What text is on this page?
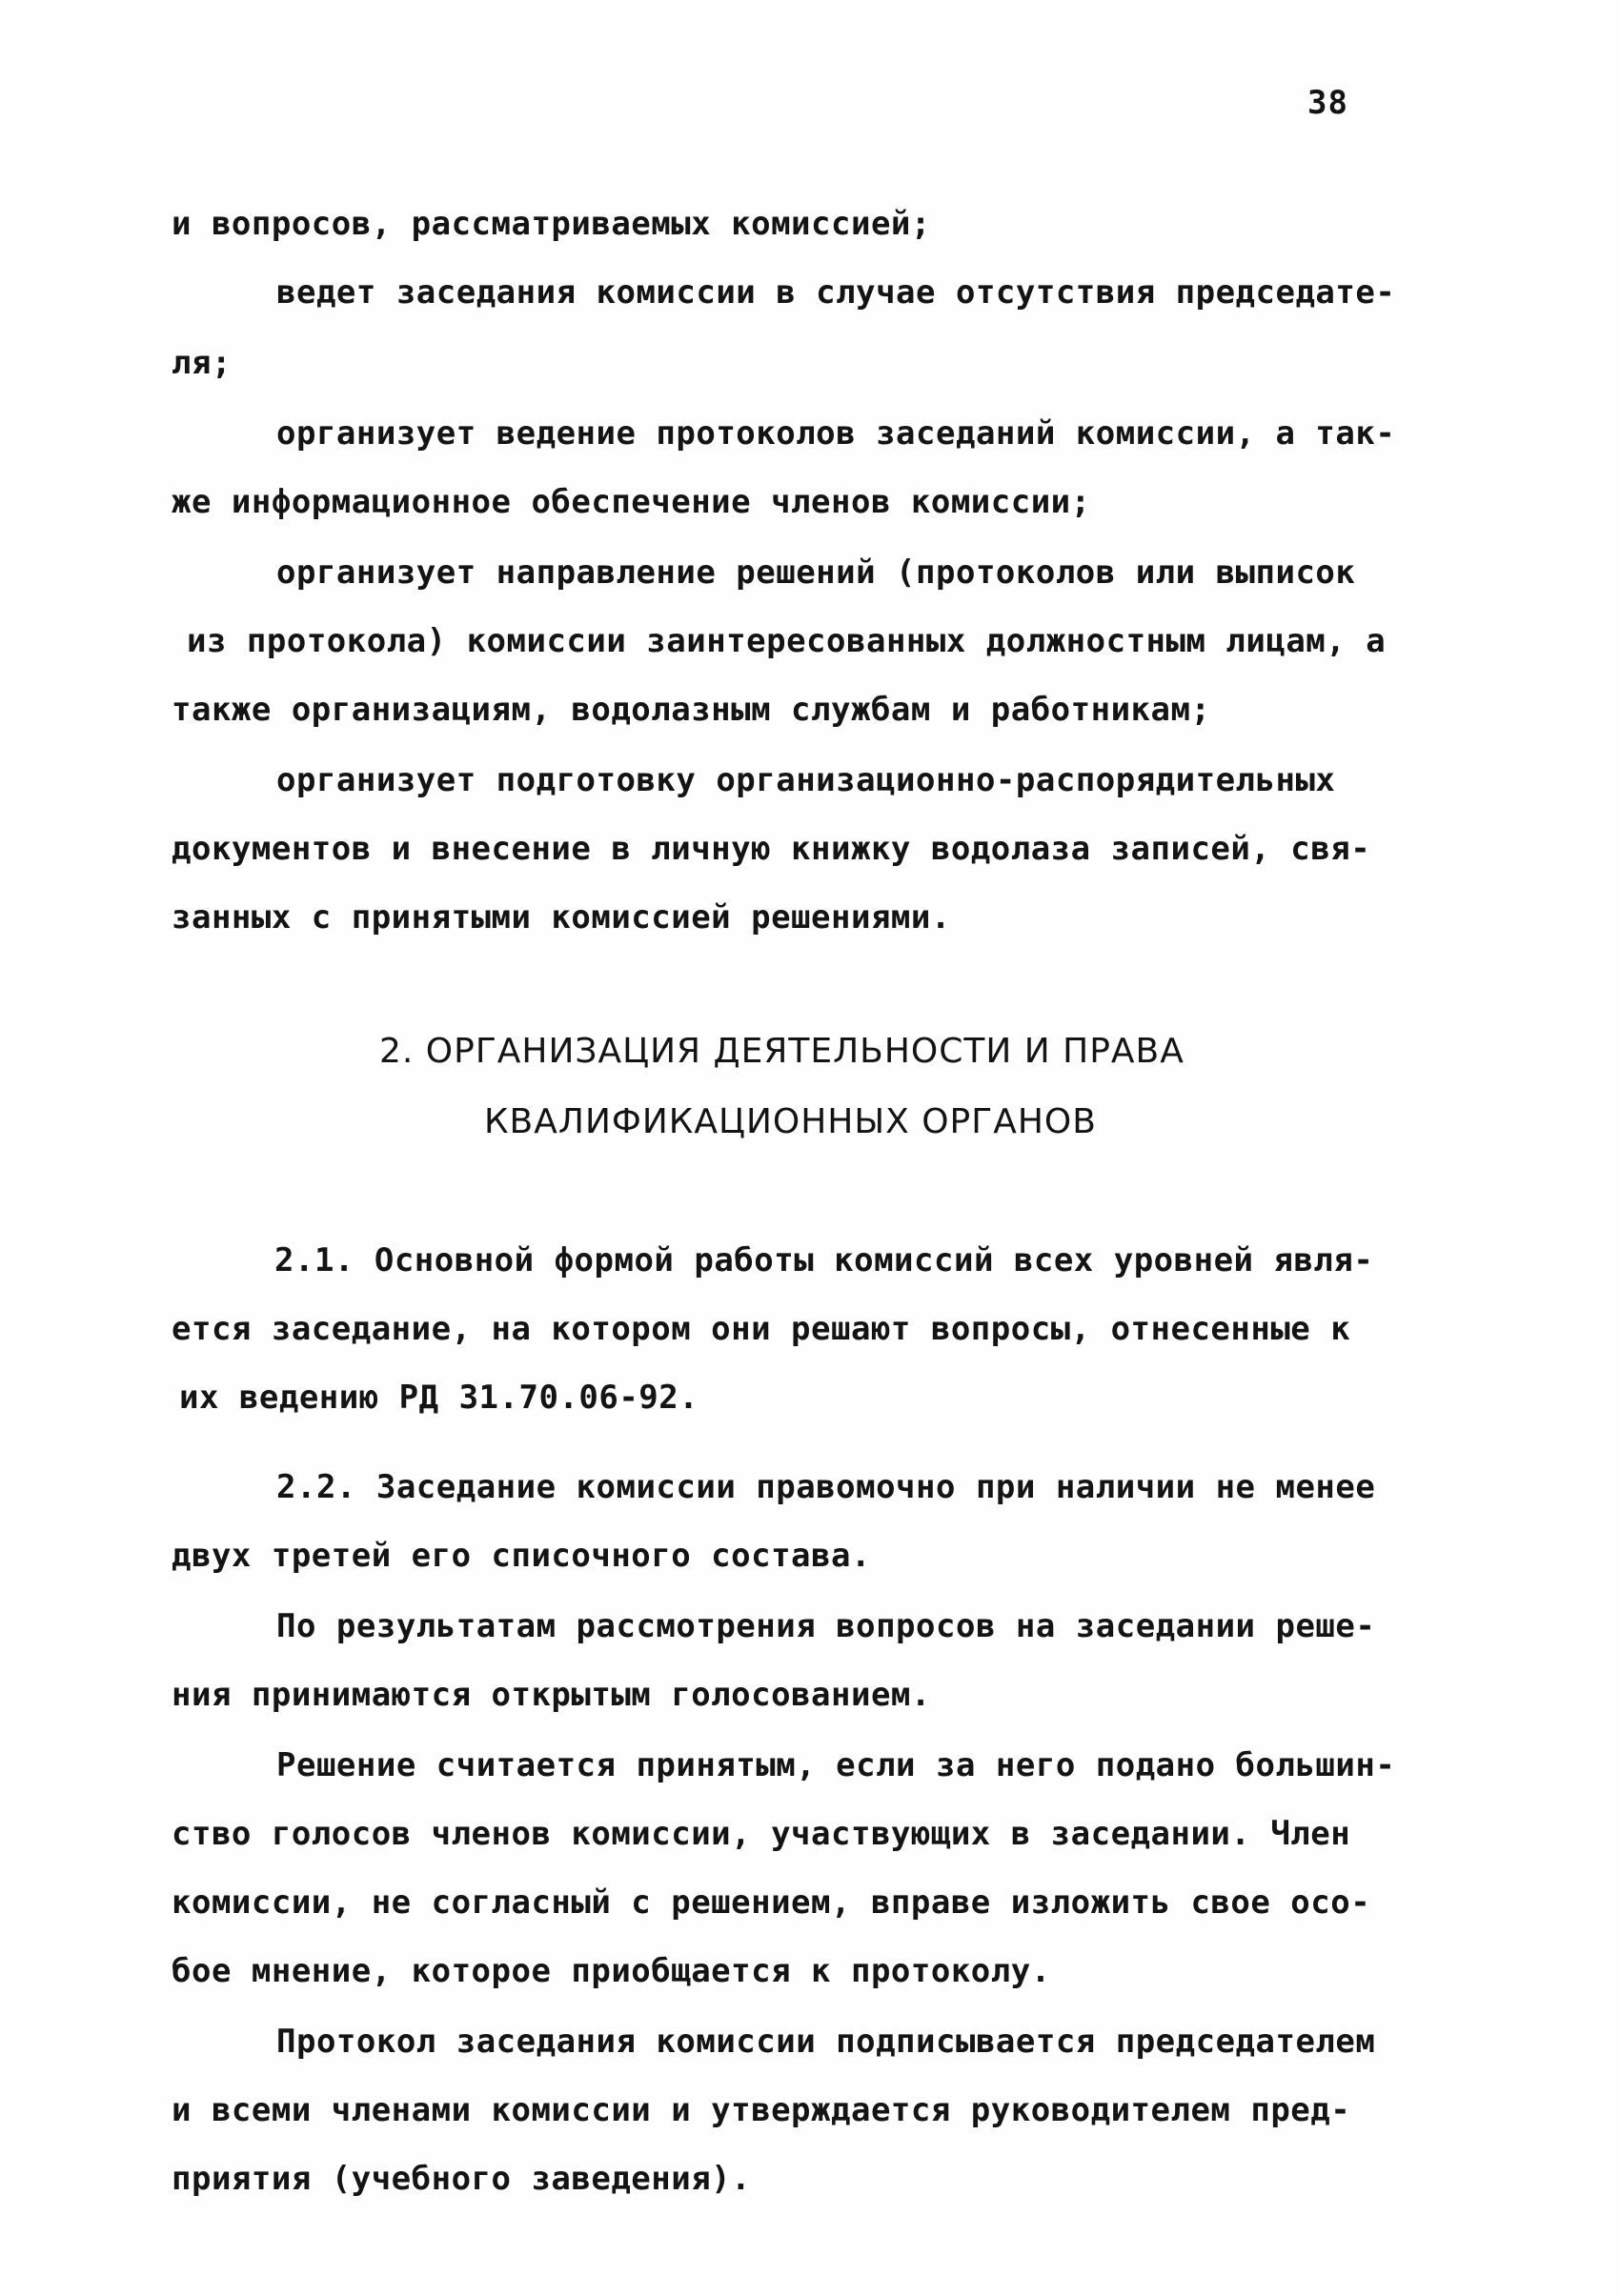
38
и вопросов, рассматриваемых комиссией;
ведет заседания комиссии в случае отсутствия председате-
ля;
организует ведение протоколов заседаний комиссии, а так-
же информационное обеспечение членов комиссии;
организует направление решений (протоколов или выписок
из протокола) комиссии заинтересованных должностным лицам, а
также организациям, водолазным службам и работникам;
организует подготовку организационно-распорядительных
документов и внесение в личную книжку водолаза записей, свя-
занных с принятыми комиссией решениями.
2. ОРГАНИЗАЦИЯ ДЕЯТЕЛЬНОСТИ И ПРАВА
КВАЛИФИКАЦИОННЫХ ОРГАНОВ
2.1. Основной формой работы комиссий всех уровней явля-
ется заседание, на котором они решают вопросы, отнесенные к
их ведению РД 31.70.06-92.
2.2. Заседание комиссии правомочно при наличии не менее
двух третей его списочного состава.
По результатам рассмотрения вопросов на заседании реше-
ния принимаются открытым голосованием.
Решение считается принятым, если за него подано большин-
ство голосов членов комиссии, участвующих в заседании. Член
комиссии, не согласный с решением, вправе изложить свое осо-
бое мнение, которое приобщается к протоколу.
Протокол заседания комиссии подписывается председателем
и всеми членами комиссии и утверждается руководителем пред-
приятия (учебного заведения).
